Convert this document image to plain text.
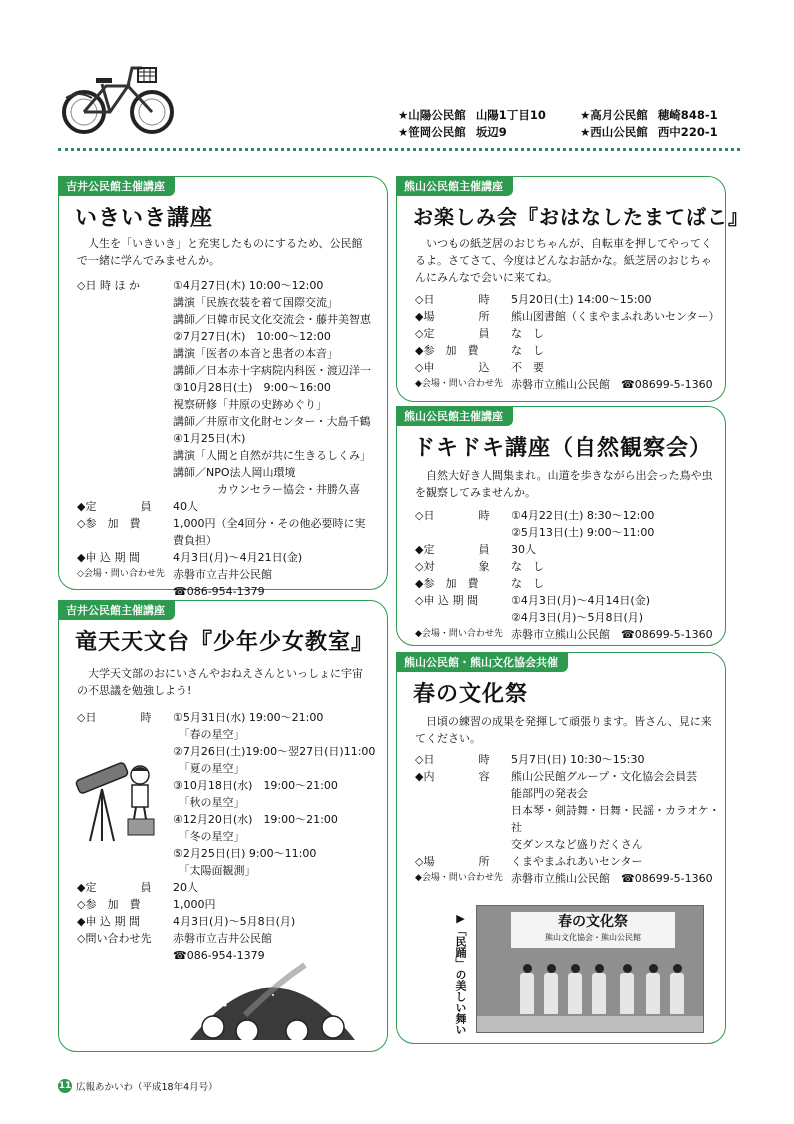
★山陽公民館 山陽1丁目10	★高月公民館 穂崎848-1
★笹岡公民館 坂辺9	★西山公民館 西中220-1
吉井公民館主催講座
いきいき講座
人生を「いきいき」と充実したものにするため、公民館で一緒に学んでみませんか。
◇日 時 ほ か	①4月27日(木) 10:00～12:00
講演「民族衣装を着て国際交流」
講師／日韓市民文化交流会・藤井美智恵
②7月27日(木)　10:00～12:00
講演「医者の本音と患者の本音」
講師／日本赤十字病院内科医・渡辺洋一
③10月28日(土)　9:00～16:00
視察研修「井原の史跡めぐり」
講師／井原市文化財センター・大島千鶴
④1月25日(木)
講演「人間と自然が共に生きるしくみ」
講師／NPO法人岡山環境
　　　　カウンセラー協会・井勝久喜
◆定　　　　員	40人
◇参　加　費	1,000円（全4回分・その他必要時に実
費負担）
◆申 込 期 間	4月3日(月)～4月21日(金)
◇会場・問い合わせ先 赤磐市立吉井公民館
☎086-954-1379
吉井公民館主催講座
竜天天文台『少年少女教室』
大学天文部のおにいさんやおねえさんといっしょに宇宙の不思議を勉強しよう!
◇日　　　　時	①5月31日(水) 19:00～21:00
　「春の星空」
②7月26日(土)19:00～翌27日(日)11:00
　「夏の星空」
③10月18日(水)　19:00～21:00
　「秋の星空」
④12月20日(水)　19:00～21:00
　「冬の星空」
⑤2月25日(日) 9:00～11:00
　「太陽面観測」
◆定　　　　員	20人
◇参　加　費	1,000円
◆申 込 期 間	4月3日(月)～5月8日(月)
◇問い合わせ先	赤磐市立吉井公民館
☎086-954-1379
熊山公民館主催講座
お楽しみ会『おはなしたまてばこ』
いつもの紙芝居のおじちゃんが、自転車を押してやってくるよ。さてさて、今度はどんなお話かな。紙芝居のおじちゃんにみんなで会いに来てね。
◇日　　　　時	5月20日(土) 14:00～15:00
◆場　　　　所	熊山図書館（くまやまふれあいセンター）
◇定　　　　員	な　し
◆参　加　費	な　し
◇申　　　　込	不　要
◆会場・問い合わせ先 赤磐市立熊山公民館　☎08699-5-1360
熊山公民館主催講座
ドキドキ講座（自然観察会）
自然大好き人間集まれ。山道を歩きながら出会った鳥や虫を観察してみませんか。
◇日　　　　時	①4月22日(土) 8:30～12:00
②5月13日(土) 9:00～11:00
◆定　　　　員	30人
◇対　　　　象	な　し
◆参　加　費	な　し
◇申 込 期 間	①4月3日(月)～4月14日(金)
②4月3日(月)～5月8日(月)
◆会場・問い合わせ先 赤磐市立熊山公民館　☎08699-5-1360
熊山公民館・熊山文化協会共催
春の文化祭
日頃の練習の成果を発揮して頑張ります。皆さん、見に来てください。
◇日　　　　時	5月7日(日) 10:30～15:30
◆内　　　　容	熊山公民館グループ・文化協会会員芸
能部門の発表会
日本琴・剣詩舞・日舞・民謡・カラオケ・社
交ダンスなど盛りだくさん
◇場　　　　所	くまやまふれあいセンター
◆会場・問い合わせ先 赤磐市立熊山公民館　☎08699-5-1360
春の文化祭
熊山文化協会・熊山公民館
▶「民踊」の美しい舞い
11 広報あかいわ（平成18年4月号）
